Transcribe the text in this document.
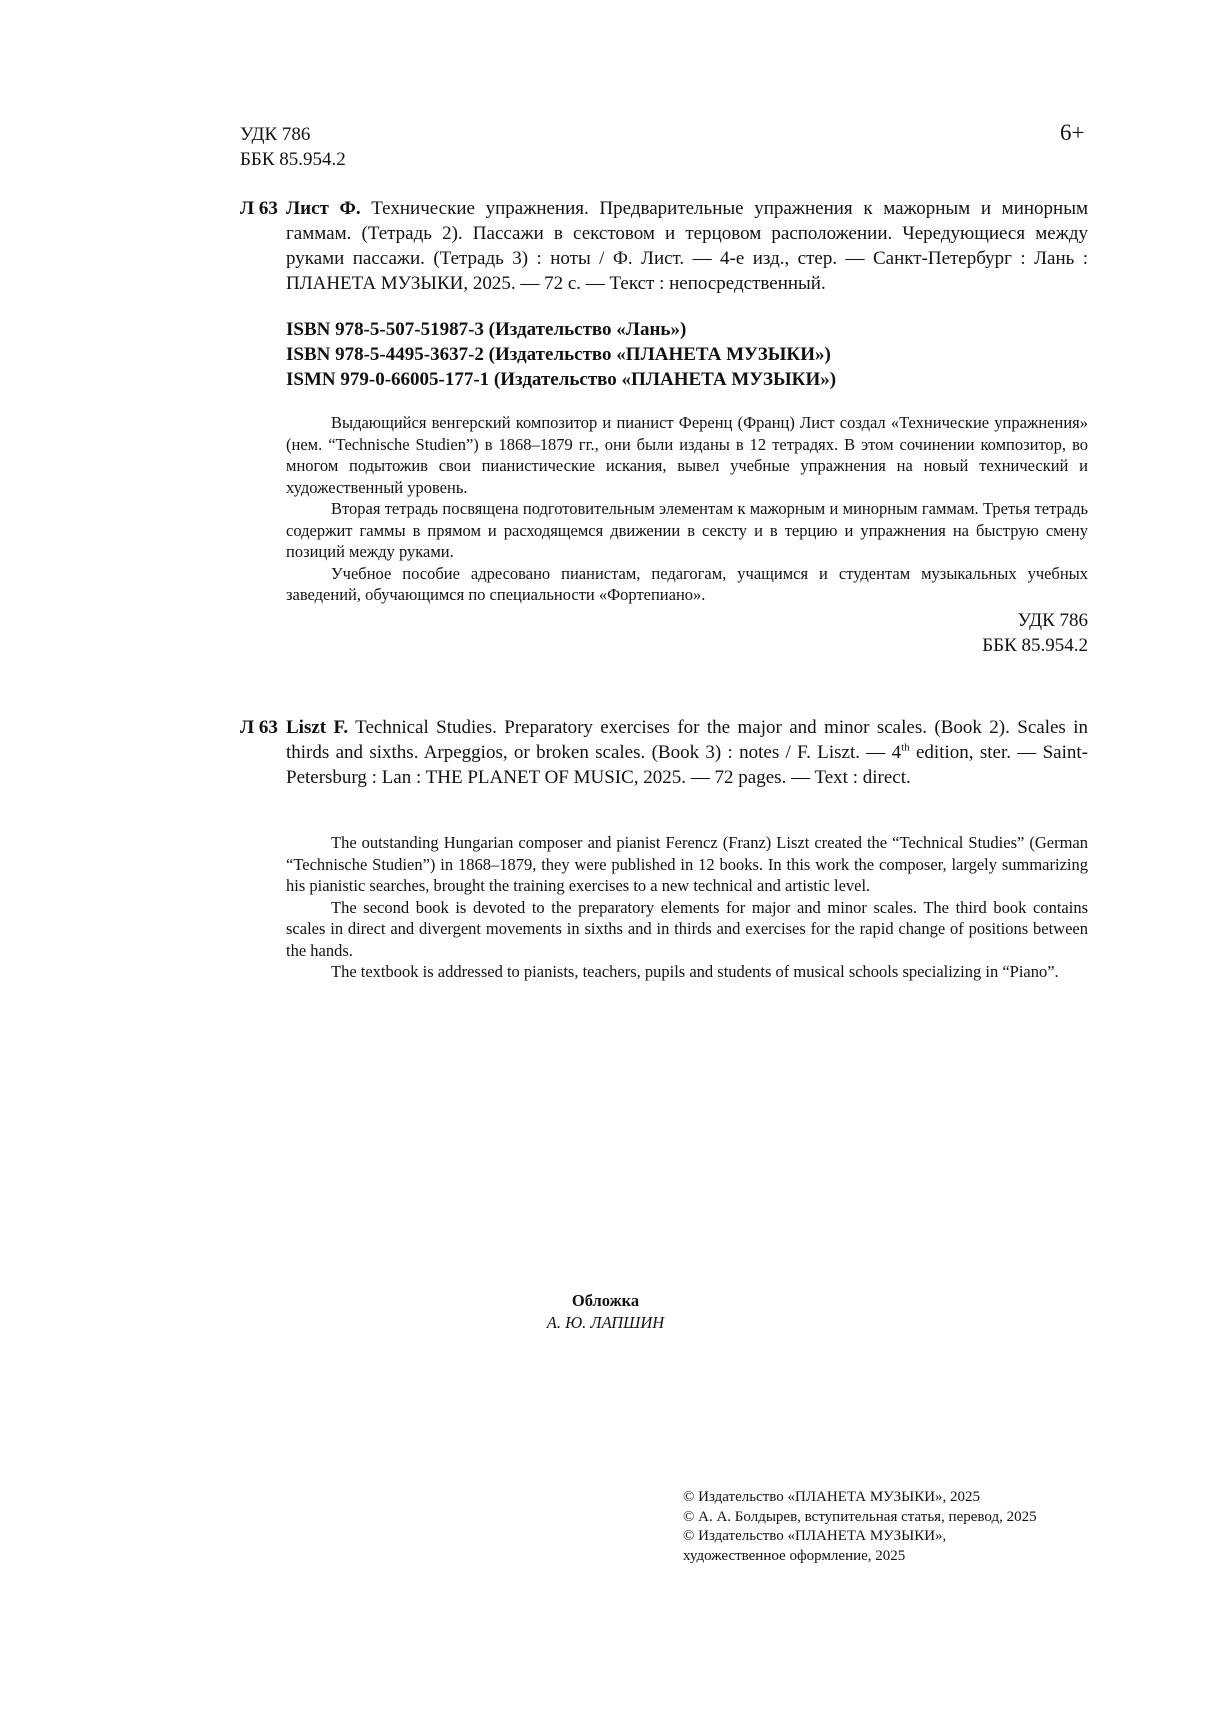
УДК 786
ББК 85.954.2
6+
Л 63 Лист Ф. Технические упражнения. Предварительные упражнения к мажорным и минорным гаммам. (Тетрадь 2). Пассажи в секстовом и терцовом расположении. Чередующиеся между руками пассажи. (Тетрадь 3) : ноты / Ф. Лист. — 4-е изд., стер. — Санкт-Петербург : Лань : ПЛАНЕТА МУЗЫКИ, 2025. — 72 с. — Текст : непосредственный.
ISBN 978-5-507-51987-3 (Издательство «Лань»)
ISBN 978-5-4495-3637-2 (Издательство «ПЛАНЕТА МУЗЫКИ»)
ISMN 979-0-66005-177-1 (Издательство «ПЛАНЕТА МУЗЫКИ»)

Выдающийся венгерский композитор и пианист Ференц (Франц) Лист создал «Технические упражнения» (нем. “Technische Studien”) в 1868–1879 гг., они были изданы в 12 тетрадях. В этом сочинении композитор, во многом подытожив свои пианистические искания, вывел учебные упражнения на новый технический и художественный уровень.

Вторая тетрадь посвящена подготовительным элементам к мажорным и минорным гаммам. Третья тетрадь содержит гаммы в прямом и расходящемся движении в сексту и в терцию и упражнения на быструю смену позиций между руками.

Учебное пособие адресовано пианистам, педагогам, учащимся и студентам музыкальных учебных заведений, обучающимся по специальности «Фортепиано».

УДК 786
ББК 85.954.2
Л 63 Liszt F. Technical Studies. Preparatory exercises for the major and minor scales. (Book 2). Scales in thirds and sixths. Arpeggios, or broken scales. (Book 3) : notes / F. Liszt. — 4th edition, ster. — Saint-Petersburg : Lan : THE PLANET OF MUSIC, 2025. — 72 pages. — Text : direct.

The outstanding Hungarian composer and pianist Ferencz (Franz) Liszt created the “Technical Studies” (German “Technische Studien”) in 1868–1879, they were published in 12 books. In this work the composer, largely summarizing his pianistic searches, brought the training exercises to a new technical and artistic level.

The second book is devoted to the preparatory elements for major and minor scales. The third book contains scales in direct and divergent movements in sixths and in thirds and exercises for the rapid change of positions between the hands.

The textbook is addressed to pianists, teachers, pupils and students of musical schools specializing in “Piano”.

Обложка
А. Ю. ЛАПШИН
© Издательство «ПЛАНЕТА МУЗЫКИ», 2025
© А. А. Болдырев, вступительная статья, перевод, 2025
© Издательство «ПЛАНЕТА МУЗЫКИ»,
художественное оформление, 2025
